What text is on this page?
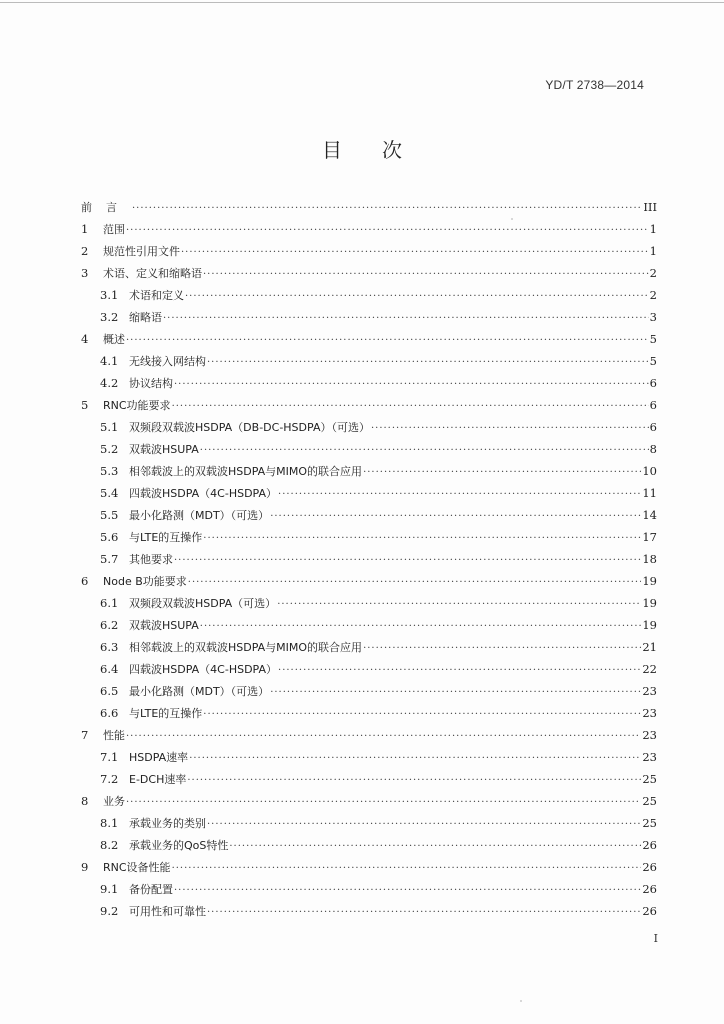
YD/T 2738—2014
目次
前言 ·····	III
1	范围 ·····	1
2	规范性引用文件 ·····	1
3	术语、定义和缩略语 ·····	2
3.1 术语和定义 ·····	2
3.2 缩略语 ·····	3
4	概述 ·····	5
4.1 无线接入网结构 ·····	5
4.2 协议结构 ·····	6
5	RNC功能要求 ·····	6
5.1 双频段双载波HSDPA（DB-DC-HSDPA）（可选） ·····	6
5.2 双载波HSUPA ·····	8
5.3 相邻载波上的双载波HSDPA与MIMO的联合应用 ·····	10
5.4 四载波HSDPA（4C-HSDPA） ·····	11
5.5 最小化路测（MDT）（可选） ·····	14
5.6 与LTE的互操作 ·····	17
5.7 其他要求 ·····	18
6	Node B功能要求 ·····	19
6.1 双频段双载波HSDPA（可选） ·····	19
6.2 双载波HSUPA ·····	19
6.3 相邻载波上的双载波HSDPA与MIMO的联合应用 ·····	21
6.4 四载波HSDPA（4C-HSDPA） ·····	22
6.5 最小化路测（MDT）（可选） ·····	23
6.6 与LTE的互操作 ·····	23
7	性能 ·····	23
7.1 HSDPA速率 ·····	23
7.2 E-DCH速率 ·····	25
8	业务 ·····	25
8.1 承载业务的类别 ·····	25
8.2 承载业务的QoS特性 ·····	26
9	RNC设备性能 ·····	26
9.1 备份配置 ·····	26
9.2 可用性和可靠性 ·····	26
I
